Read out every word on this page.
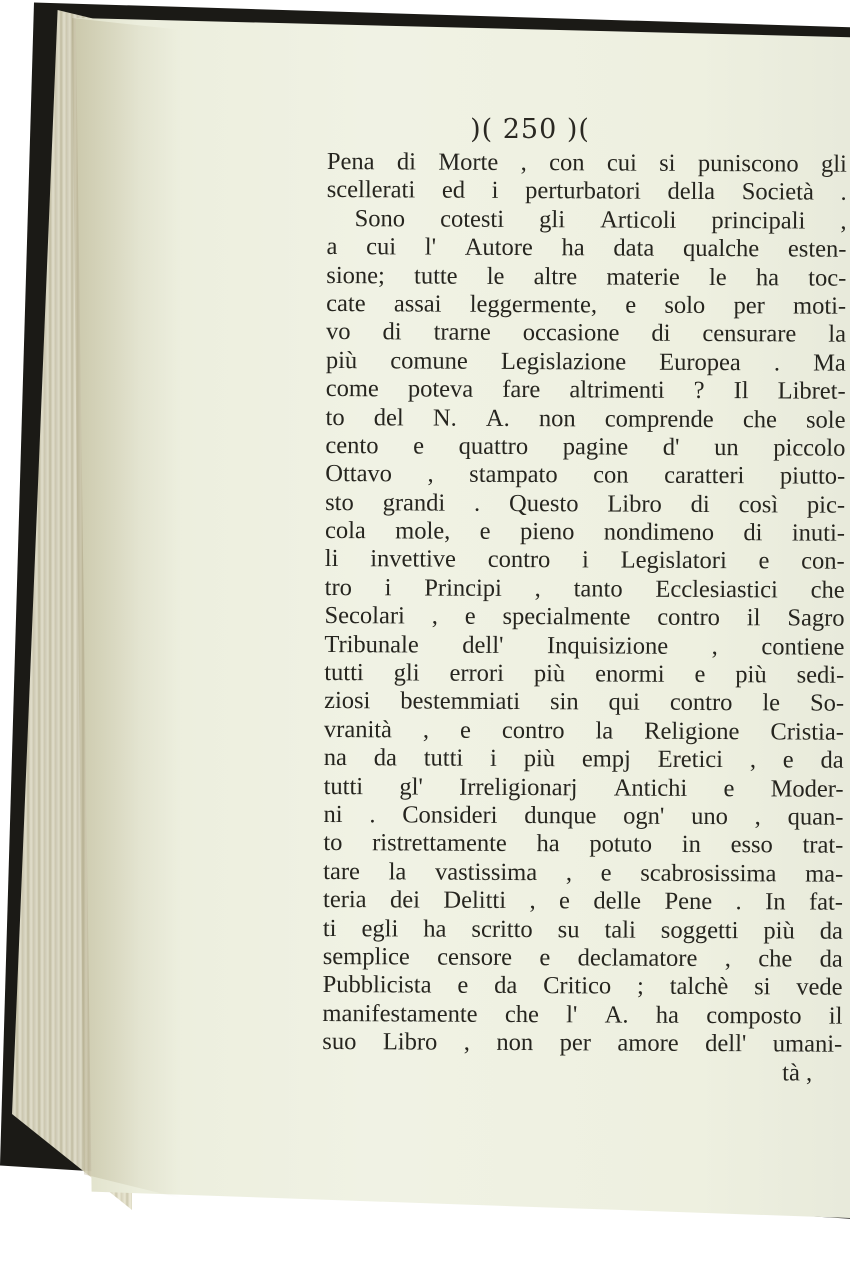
)( 250 )(
Pena di Morte , con cui si puniscono gli
scellerati ed i perturbatori della Società .
Sono cotesti gli Articoli principali ,
a cui l' Autore ha data qualche esten-
sione; tutte le altre materie le ha toc-
cate assai leggermente, e solo per moti-
vo di trarne occasione di censurare la
più comune Legislazione Europea . Ma
come poteva fare altrimenti ? Il Libret-
to del N. A. non comprende che sole
cento e quattro pagine d' un piccolo
Ottavo , stampato con caratteri piutto-
sto grandi . Questo Libro di così pic-
cola mole, e pieno nondimeno di inuti-
li invettive contro i Legislatori e con-
tro i Principi , tanto Ecclesiastici che
Secolari , e specialmente contro il Sagro
Tribunale dell' Inquisizione , contiene
tutti gli errori più enormi e più sedi-
ziosi bestemmiati sin qui contro le So-
vranità , e contro la Religione Cristia-
na da tutti i più empj Eretici , e da
tutti gl' Irreligionarj Antichi e Moder-
ni . Consideri dunque ogn' uno , quan-
to ristrettamente ha potuto in esso trat-
tare la vastissima , e scabrosissima ma-
teria dei Delitti , e delle Pene . In fat-
ti egli ha scritto su tali soggetti più da
semplice censore e declamatore , che da
Pubblicista e da Critico ; talchè si vede
manifestamente che l' A. ha composto il
suo Libro , non per amore dell' umani-
tà ,
